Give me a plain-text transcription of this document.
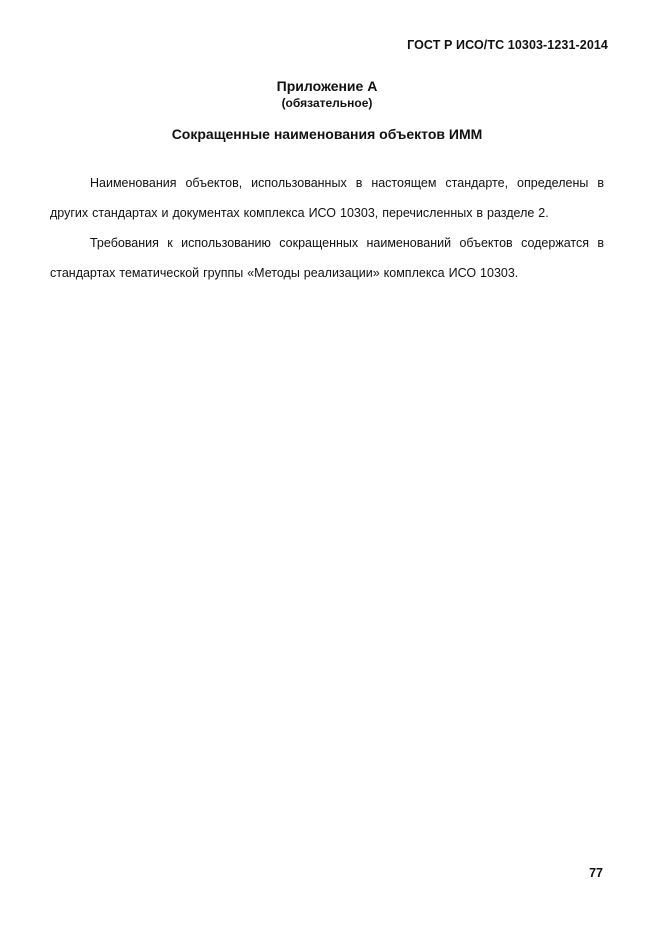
ГОСТ Р ИСО/ТС 10303-1231-2014
Приложение А
(обязательное)
Сокращенные наименования объектов ИММ

Наименования объектов, использованных в настоящем стандарте, определены в других стандартах и документах комплекса ИСО 10303, перечисленных в разделе 2.

Требования к использованию сокращенных наименований объектов содержатся в стандартах тематической группы «Методы реализации» комплекса ИСО 10303.

77
